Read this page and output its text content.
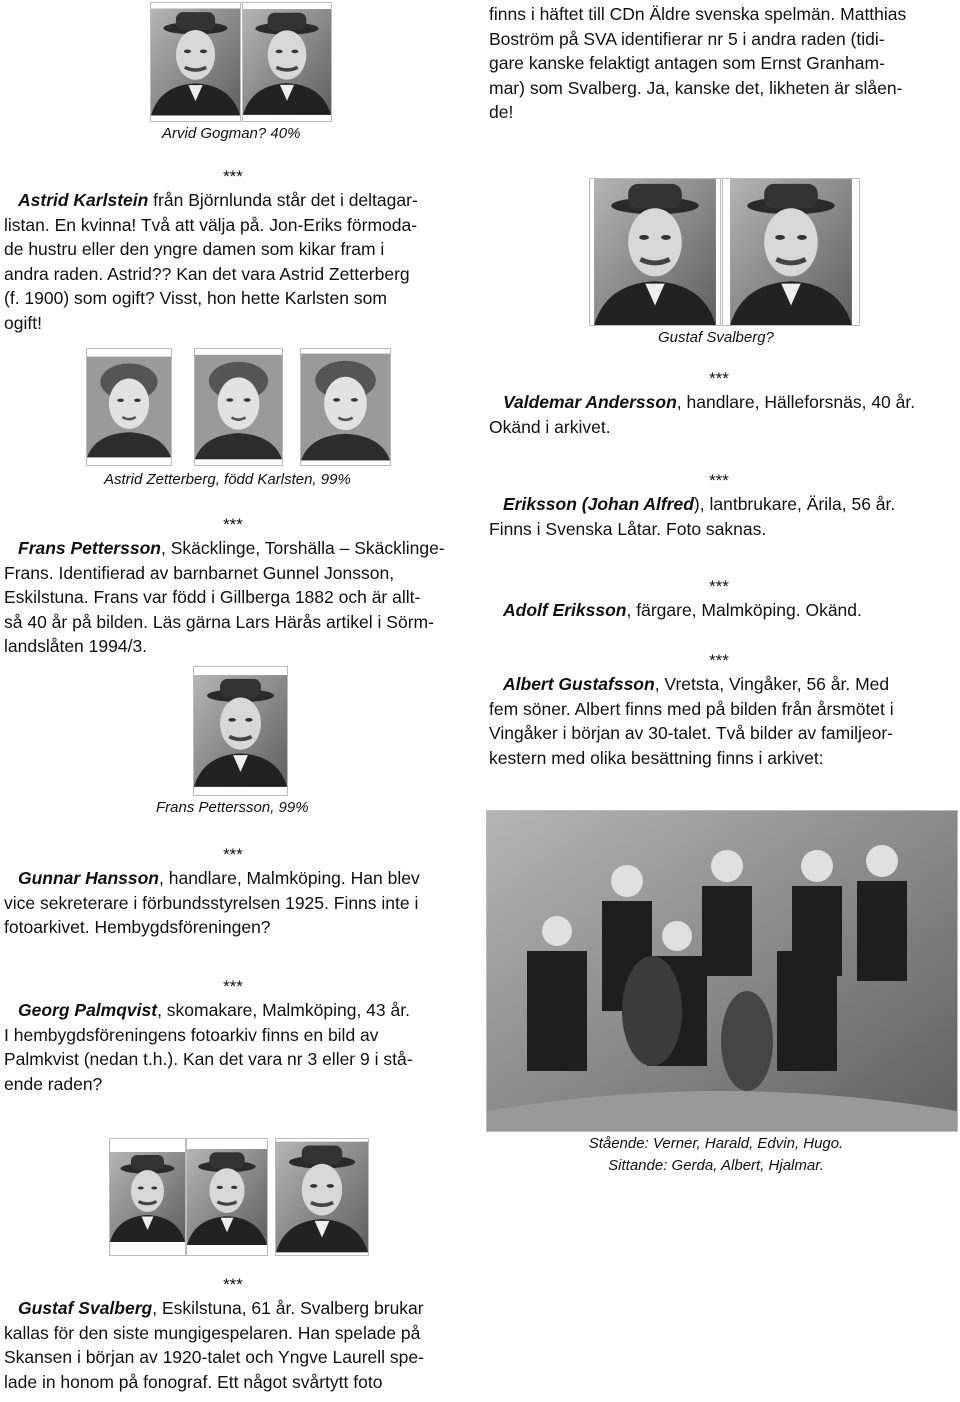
Arvid Gogman? 40%
finns i häftet till CDn Äldre svenska spelmän. Matthias
Boström på SVA identifierar nr 5 i andra raden (tidi-
gare kanske felaktigt antagen som Ernst Granham-
mar) som Svalberg. Ja, kanske det, likheten är slåen-
de!
***
Astrid Karlstein från Björnlunda står det i deltagar-
listan. En kvinna! Två att välja på. Jon-Eriks förmoda-
de hustru eller den yngre damen som kikar fram i
andra raden. Astrid?? Kan det vara Astrid Zetterberg
(f. 1900) som ogift? Visst, hon hette Karlsten som
ogift!
Astrid Zetterberg, född Karlsten, 99%
***
Frans Pettersson, Skäcklinge, Torshälla – Skäcklinge-
Frans. Identifierad av barnbarnet Gunnel Jonsson,
Eskilstuna. Frans var född i Gillberga 1882 och är allt-
så 40 år på bilden. Läs gärna Lars Härås artikel i Sörm-
landslåten 1994/3.
Frans Pettersson, 99%
***
Gunnar Hansson, handlare, Malmköping. Han blev
vice sekreterare i förbundsstyrelsen 1925. Finns inte i
fotoarkivet. Hembygdsföreningen?
***
Georg Palmqvist, skomakare, Malmköping, 43 år.
I hembygdsföreningens fotoarkiv finns en bild av
Palmkvist (nedan t.h.). Kan det vara nr 3 eller 9 i stå-
ende raden?
***
Gustaf Svalberg, Eskilstuna, 61 år. Svalberg brukar
kallas för den siste mungigespelaren. Han spelade på
Skansen i början av 1920-talet och Yngve Laurell spe-
lade in honom på fonograf. Ett något svårtytt foto
Gustaf Svalberg?
***
Valdemar Andersson, handlare, Hälleforsnäs, 40 år.
Okänd i arkivet.
***
Eriksson (Johan Alfred), lantbrukare, Ärila, 56 år.
Finns i Svenska Låtar. Foto saknas.
***
Adolf Eriksson, färgare, Malmköping. Okänd.
***
Albert Gustafsson, Vretsta, Vingåker, 56 år. Med
fem söner. Albert finns med på bilden från årsmötet i
Vingåker i början av 30-talet. Två bilder av familjeor-
kestern med olika besättning finns i arkivet:
Stående: Verner, Harald, Edvin, Hugo.
Sittande: Gerda, Albert, Hjalmar.
